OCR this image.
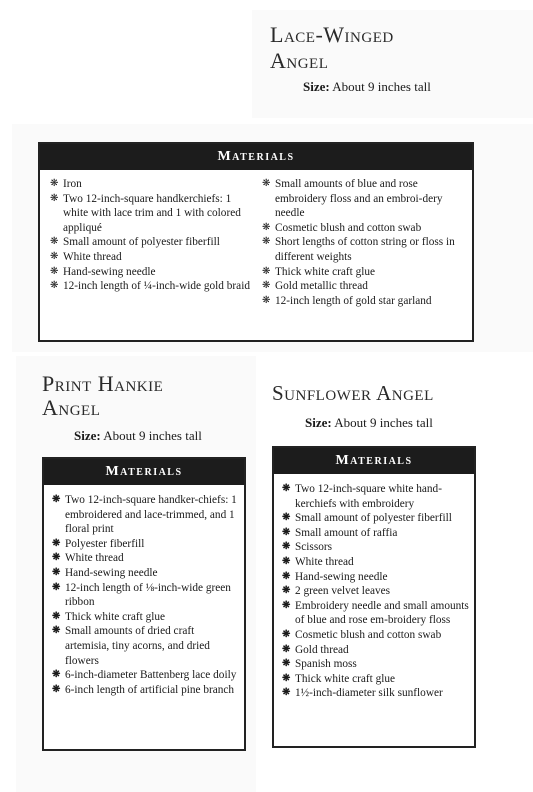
Lace-Winged
Angel
Size: About 9 inches tall
Materials
❋ Iron
❋ Two 12-inch-square handkerchiefs: 1 white with lace trim and 1 with colored appliqué
❋ Small amount of polyester fiberfill
❋ White thread
❋ Hand-sewing needle
❋ 12-inch length of ¼-inch-wide gold braid
❋ Small amounts of blue and rose embroidery floss and an embroi-dery needle
❋ Cosmetic blush and cotton swab
❋ Short lengths of cotton string or floss in different weights
❋ Thick white craft glue
❋ Gold metallic thread
❋ 12-inch length of gold star garland
Print Hankie
Angel
Size: About 9 inches tall
Materials
❋ Two 12-inch-square handker-chiefs: 1 embroidered and lace-trimmed, and 1 floral print
❋ Polyester fiberfill
❋ White thread
❋ Hand-sewing needle
❋ 12-inch length of ⅛-inch-wide green ribbon
❋ Thick white craft glue
❋ Small amounts of dried craft artemisia, tiny acorns, and dried flowers
❋ 6-inch-diameter Battenberg lace doily
❋ 6-inch length of artificial pine branch
Sunflower Angel
Size: About 9 inches tall
Materials
❋ Two 12-inch-square white hand-kerchiefs with embroidery
❋ Small amount of polyester fiberfill
❋ Small amount of raffia
❋ Scissors
❋ White thread
❋ Hand-sewing needle
❋ 2 green velvet leaves
❋ Embroidery needle and small amounts of blue and rose em-broidery floss
❋ Cosmetic blush and cotton swab
❋ Gold thread
❋ Spanish moss
❋ Thick white craft glue
❋ 1½-inch-diameter silk sunflower
